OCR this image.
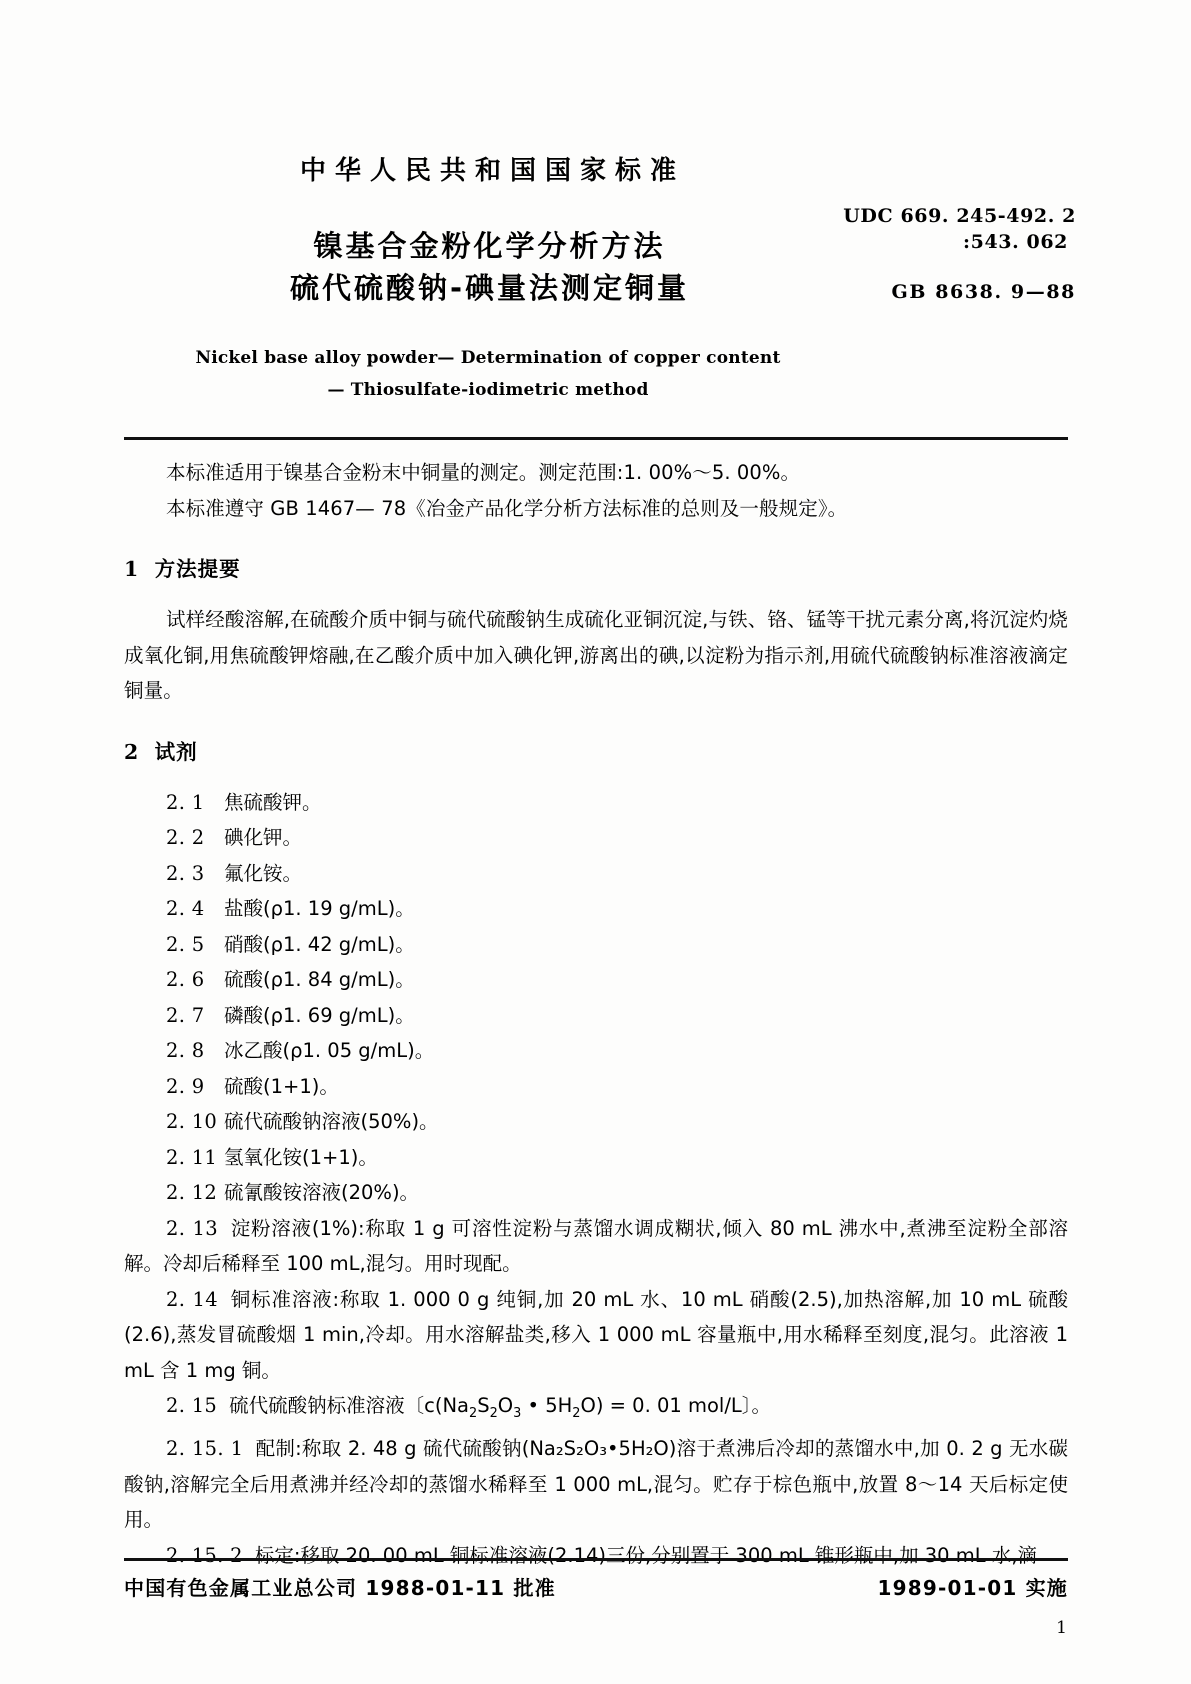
中华人民共和国国家标准
镍基合金粉化学分析方法
硫代硫酸钠-碘量法测定铜量
Nickel base alloy powder— Determination of copper content
— Thiosulfate-iodimetric method
UDC 669. 245-492. 2
:543. 062
GB 8638. 9—88
本标准适用于镍基合金粉末中铜量的测定。测定范围:1. 00%～5. 00%。
本标准遵守 GB 1467— 78《冶金产品化学分析方法标准的总则及一般规定》。
1 方法提要
试样经酸溶解,在硫酸介质中铜与硫代硫酸钠生成硫化亚铜沉淀,与铁、铬、锰等干扰元素分离,将沉淀灼烧成氧化铜,用焦硫酸钾熔融,在乙酸介质中加入碘化钾,游离出的碘,以淀粉为指示剂,用硫代硫酸钠标准溶液滴定铜量。
2 试剂
2. 1 焦硫酸钾。
2. 2 碘化钾。
2. 3 氟化铵。
2. 4 盐酸(ρ1. 19 g/mL)。
2. 5 硝酸(ρ1. 42 g/mL)。
2. 6 硫酸(ρ1. 84 g/mL)。
2. 7 磷酸(ρ1. 69 g/mL)。
2. 8 冰乙酸(ρ1. 05 g/mL)。
2. 9 硫酸(1+1)。
2. 10 硫代硫酸钠溶液(50%)。
2. 11 氢氧化铵(1+1)。
2. 12 硫氰酸铵溶液(20%)。
2. 13 淀粉溶液(1%):称取 1 g 可溶性淀粉与蒸馏水调成糊状,倾入 80 mL 沸水中,煮沸至淀粉全部溶解。冷却后稀释至 100 mL,混匀。用时现配。
2. 14 铜标准溶液:称取 1. 000 0 g 纯铜,加 20 mL 水、10 mL 硝酸(2.5),加热溶解,加 10 mL 硫酸(2.6),蒸发冒硫酸烟 1 min,冷却。用水溶解盐类,移入 1 000 mL 容量瓶中,用水稀释至刻度,混匀。此溶液 1 mL 含 1 mg 铜。
2. 15 硫代硫酸钠标准溶液〔$c(Na_2S_2O_3$ • $5H_2O) = 0$. 01 mol/L〕。
2. 15. 1 配制:称取 2. 48 g 硫代硫酸钠(Na₂S₂O₃•5H₂O)溶于煮沸后冷却的蒸馏水中,加 0. 2 g 无水碳酸钠,溶解完全后用煮沸并经冷却的蒸馏水稀释至 1 000 mL,混匀。贮存于棕色瓶中,放置 8～14 天后标定使用。
2. 15. 2 标定:移取 20. 00 mL 铜标准溶液(2.14)三份,分别置于 300 mL 锥形瓶中,加 30 mL 水,滴
中国有色金属工业总公司 1988-01-11 批准	1989-01-01 实施
1
